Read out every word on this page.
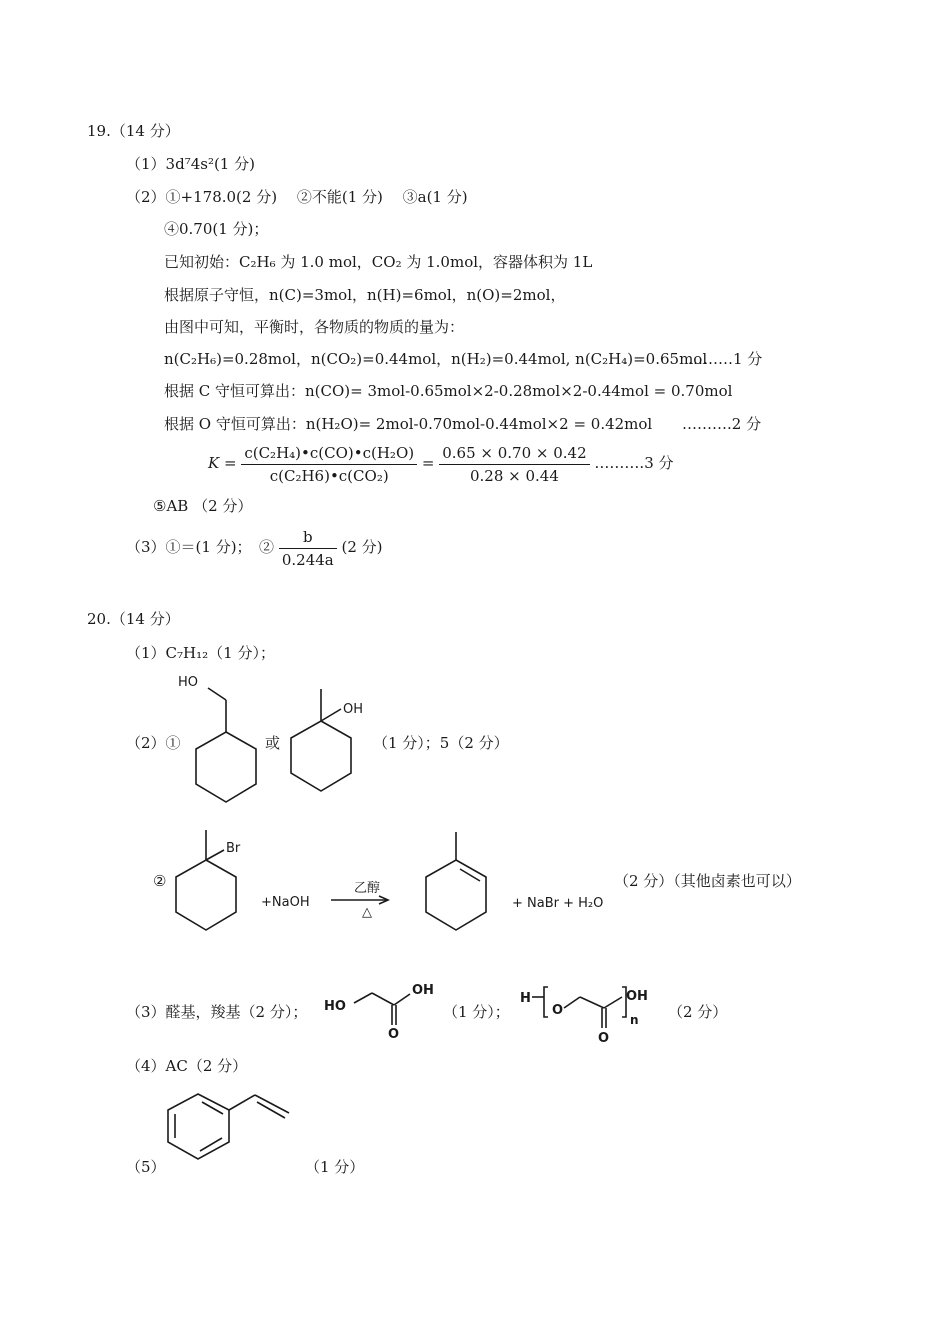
19.（14 分）
（1）3d⁷4s²(1 分)
（2）①+178.0(2 分)　 ②不能(1 分)　 ③a(1 分)
④0.70(1 分)；
已知初始：C₂H₆ 为 1.0 mol，CO₂ 为 1.0mol，容器体积为 1L
根据原子守恒，n(C)=3mol，n(H)=6mol，n(O)=2mol，
由图中可知，平衡时，各物质的物质的量为：
n(C₂H₆)=0.28mol，n(CO₂)=0.44mol，n(H₂)=0.44mol, n(C₂H₄)=0.65mol
………1 分
根据 C 守恒可算出：n(CO)= 3mol-0.65mol×2-0.28mol×2-0.44mol = 0.70mol
根据 O 守恒可算出：n(H₂O)= 2mol-0.70mol-0.44mol×2 = 0.42mol ……….2 分
$K = \frac{\text{c(C₂H₄)•c(CO)•c(H₂O)}}{\text{c(C₂H6)•c(CO₂)}} = \frac{0.65 \times 0.70 \times 0.42}{0.28 \times 0.44}$ ……….3 分
⑤AB （2 分）
（3）①＝(1 分)；　② $\frac{b}{0.244a} (2$ 分)
20.（14 分）
（1）C₇H₁₂（1 分）；
（2）①	或	（1 分）；5（2 分）
HO
OH
②
Br
+NaOH
乙醇
△
+ NaBr + H₂O
（2 分）（其他卤素也可以）
（3）醛基，羧基（2 分）； HO
OH
O
（1 分）；
H
O
O
OH
n （2 分）
（4）AC（2 分）
（5）	（1 分）
